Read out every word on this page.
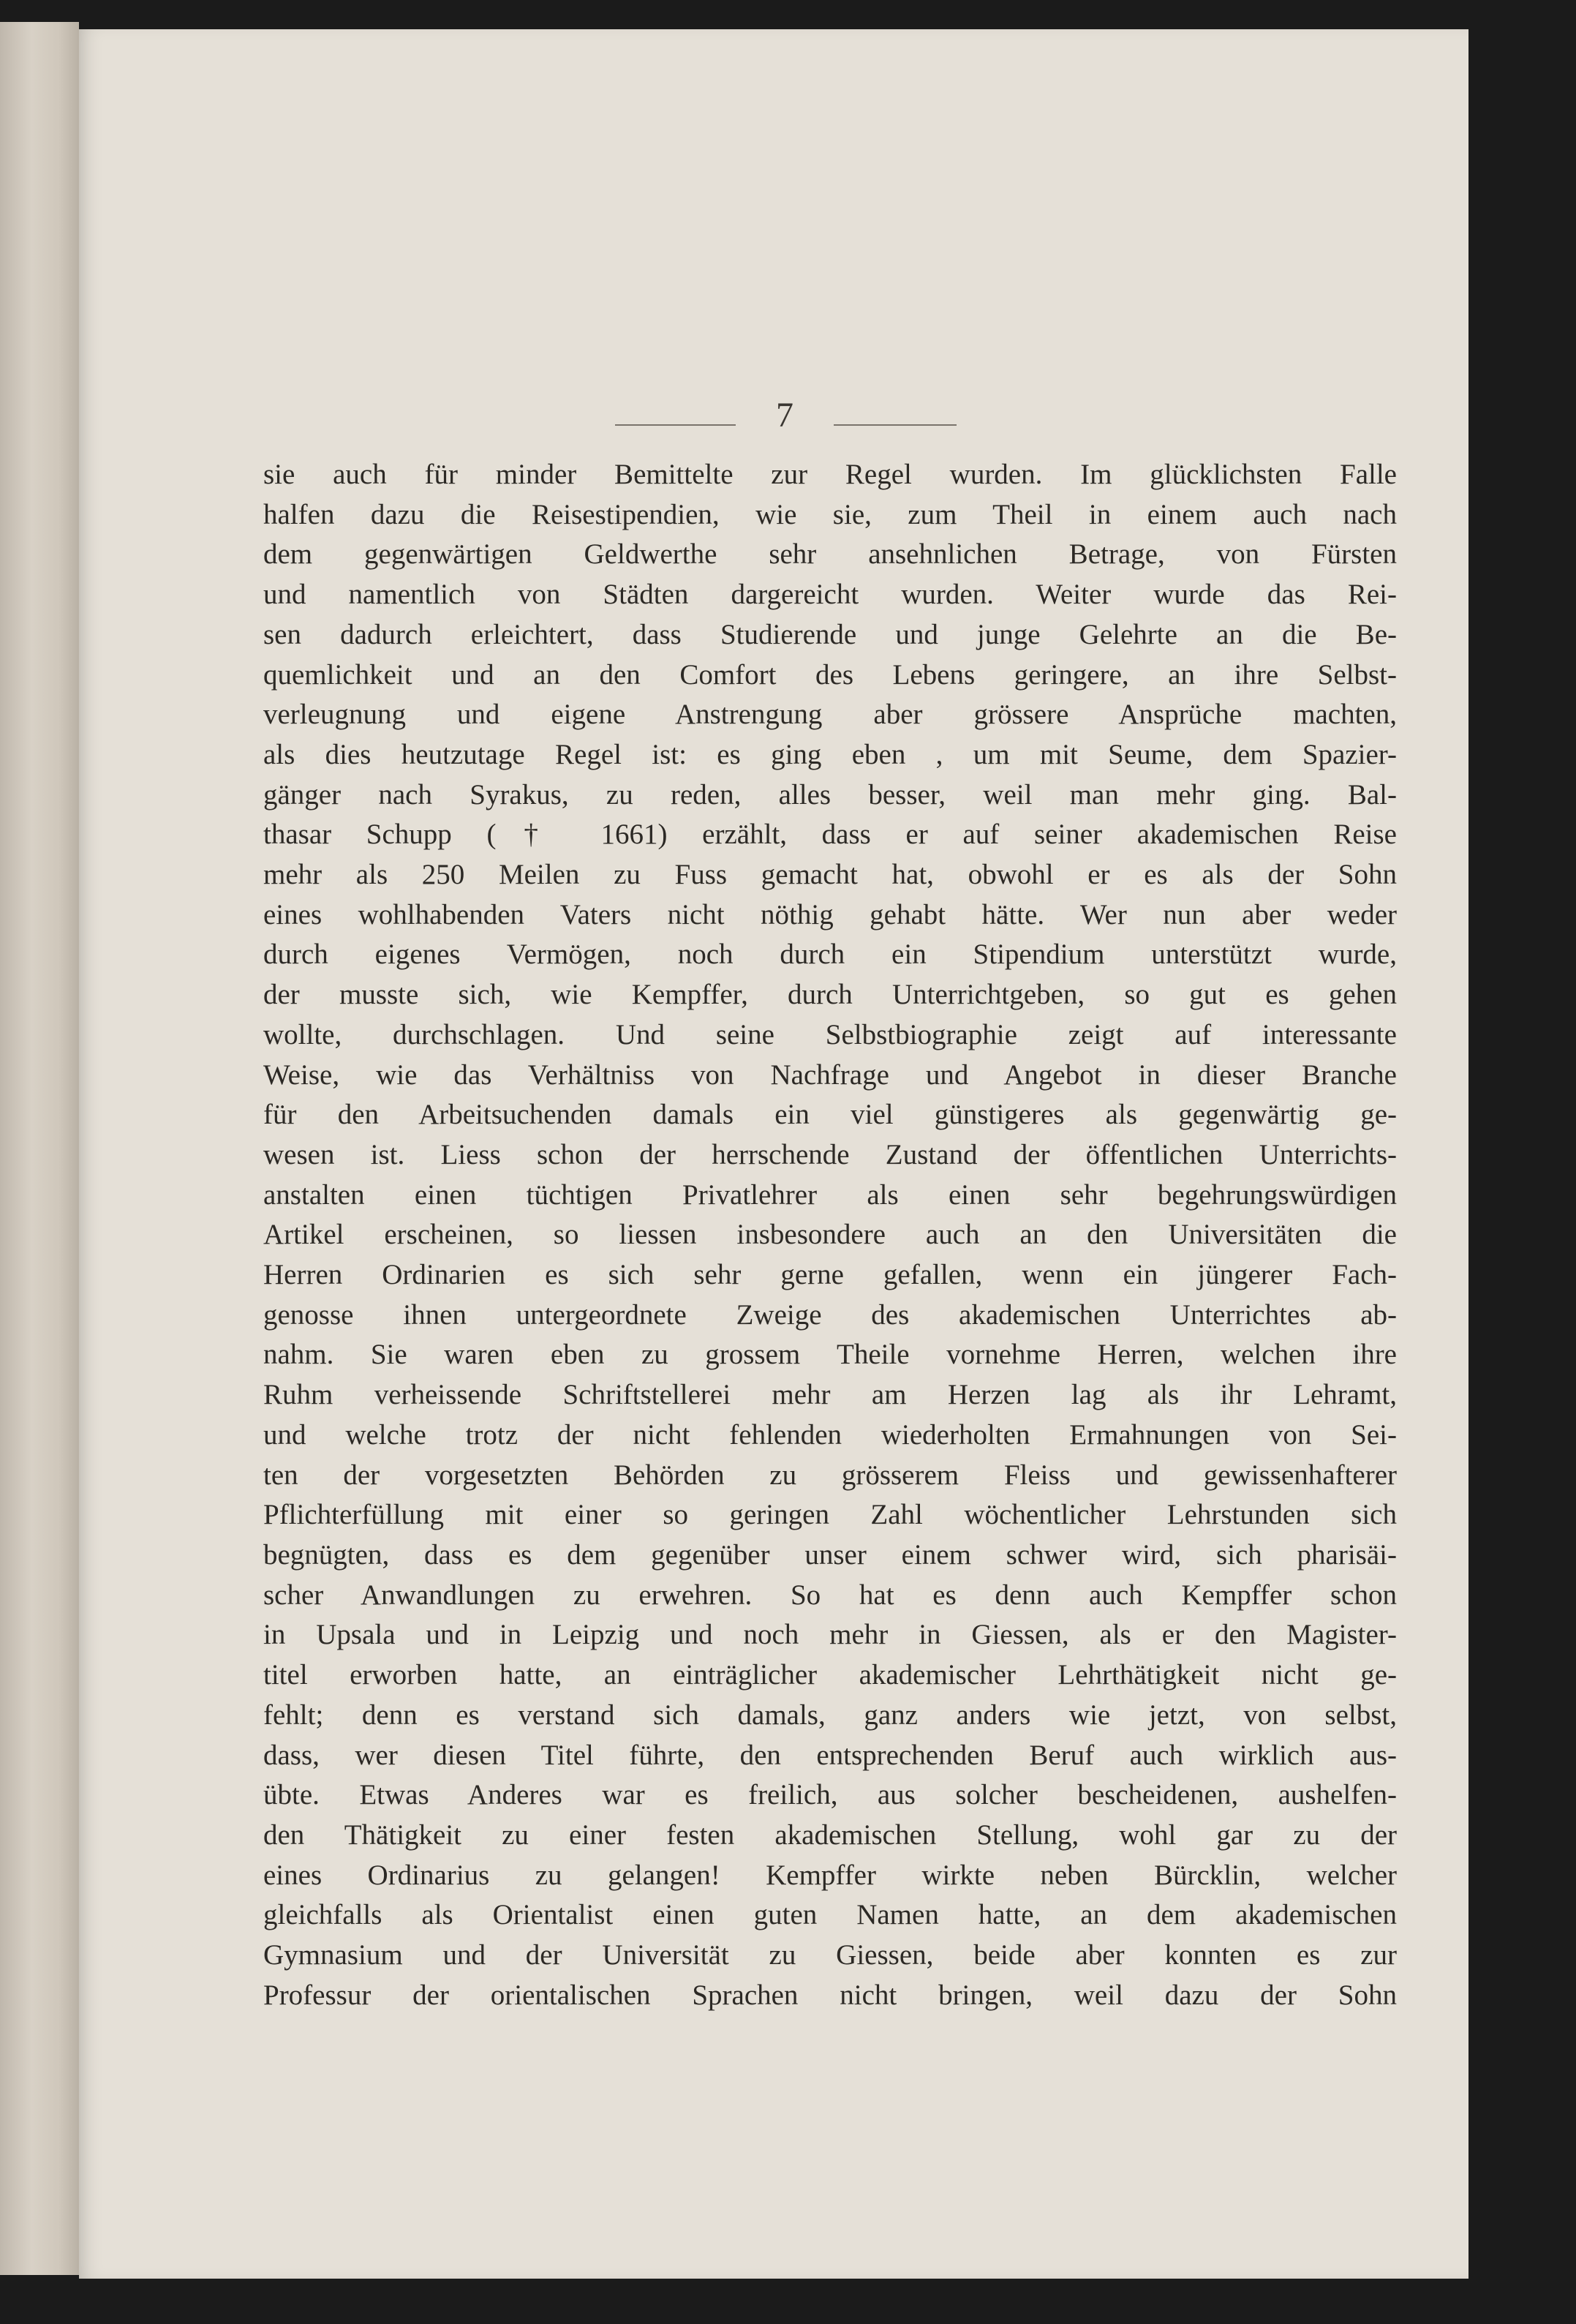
7
sie auch für minder Bemittelte zur Regel wurden. Im glücklichsten Falle
halfen dazu die Reisestipendien, wie sie, zum Theil in einem auch nach
dem gegenwärtigen Geldwerthe sehr ansehnlichen Betrage, von Fürsten
und namentlich von Städten dargereicht wurden. Weiter wurde das Rei-
sen dadurch erleichtert, dass Studierende und junge Gelehrte an die Be-
quemlichkeit und an den Comfort des Lebens geringere, an ihre Selbst-
verleugnung und eigene Anstrengung aber grössere Ansprüche machten,
als dies heutzutage Regel ist: es ging eben , um mit Seume, dem Spazier-
gänger nach Syrakus, zu reden, alles besser, weil man mehr ging. Bal-
thasar Schupp († 1661) erzählt, dass er auf seiner akademischen Reise
mehr als 250 Meilen zu Fuss gemacht hat, obwohl er es als der Sohn
eines wohlhabenden Vaters nicht nöthig gehabt hätte. Wer nun aber weder
durch eigenes Vermögen, noch durch ein Stipendium unterstützt wurde,
der musste sich, wie Kempffer, durch Unterrichtgeben, so gut es gehen
wollte, durchschlagen. Und seine Selbstbiographie zeigt auf interessante
Weise, wie das Verhältniss von Nachfrage und Angebot in dieser Branche
für den Arbeitsuchenden damals ein viel günstigeres als gegenwärtig ge-
wesen ist. Liess schon der herrschende Zustand der öffentlichen Unterrichts-
anstalten einen tüchtigen Privatlehrer als einen sehr begehrungswürdigen
Artikel erscheinen, so liessen insbesondere auch an den Universitäten die
Herren Ordinarien es sich sehr gerne gefallen, wenn ein jüngerer Fach-
genosse ihnen untergeordnete Zweige des akademischen Unterrichtes ab-
nahm. Sie waren eben zu grossem Theile vornehme Herren, welchen ihre
Ruhm verheissende Schriftstellerei mehr am Herzen lag als ihr Lehramt,
und welche trotz der nicht fehlenden wiederholten Ermahnungen von Sei-
ten der vorgesetzten Behörden zu grösserem Fleiss und gewissenhafterer
Pflichterfüllung mit einer so geringen Zahl wöchentlicher Lehrstunden sich
begnügten, dass es dem gegenüber unser einem schwer wird, sich pharisäi-
scher Anwandlungen zu erwehren. So hat es denn auch Kempffer schon
in Upsala und in Leipzig und noch mehr in Giessen, als er den Magister-
titel erworben hatte, an einträglicher akademischer Lehrthätigkeit nicht ge-
fehlt; denn es verstand sich damals, ganz anders wie jetzt, von selbst,
dass, wer diesen Titel führte, den entsprechenden Beruf auch wirklich aus-
übte. Etwas Anderes war es freilich, aus solcher bescheidenen, aushelfen-
den Thätigkeit zu einer festen akademischen Stellung, wohl gar zu der
eines Ordinarius zu gelangen! Kempffer wirkte neben Bürcklin, welcher
gleichfalls als Orientalist einen guten Namen hatte, an dem akademischen
Gymnasium und der Universität zu Giessen, beide aber konnten es zur
Professur der orientalischen Sprachen nicht bringen, weil dazu der Sohn
